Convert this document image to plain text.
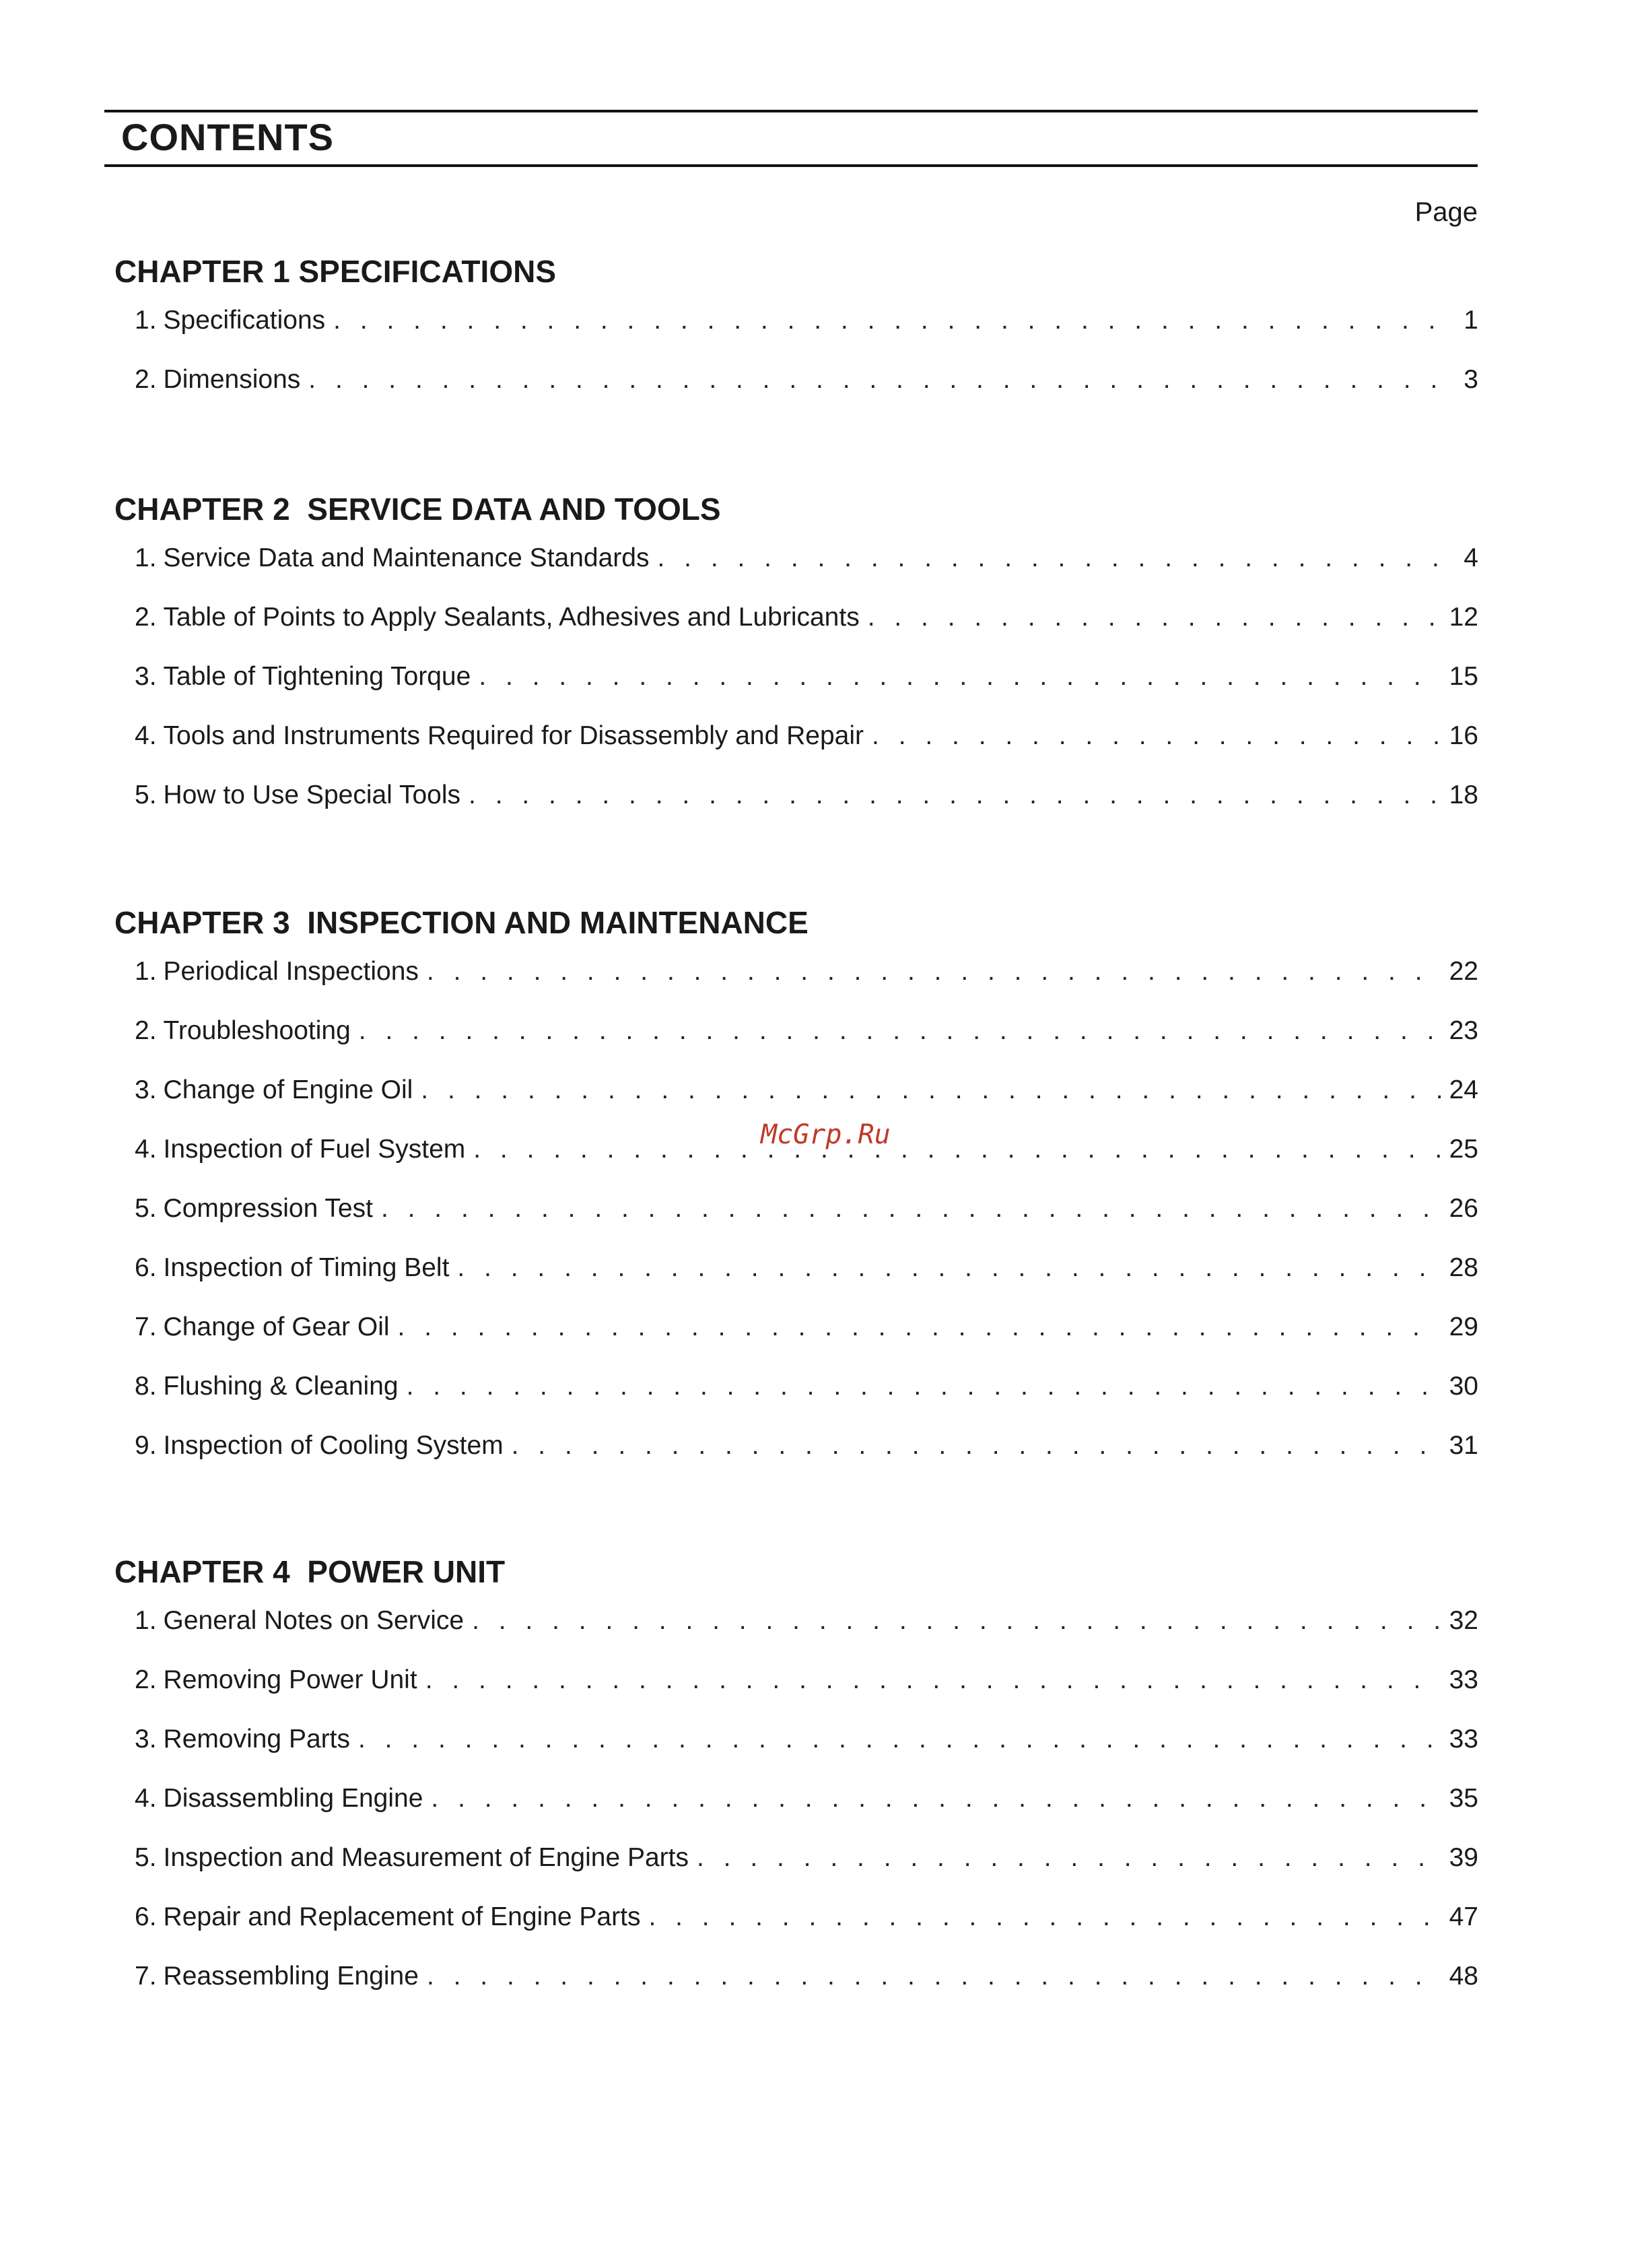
CONTENTS
Page
CHAPTER 1 SPECIFICATIONS
1. Specifications . . .	1
2. Dimensions . . .	3
CHAPTER 2  SERVICE DATA AND TOOLS
1. Service Data and Maintenance Standards . . .	4
2. Table of Points to Apply Sealants, Adhesives and Lubricants . . .	12
3. Table of Tightening Torque . . .	15
4. Tools and Instruments Required for Disassembly and Repair . . .	16
5. How to Use Special Tools . . .	18
CHAPTER 3  INSPECTION AND MAINTENANCE
1. Periodical Inspections . . .	22
2. Troubleshooting . . .	23
3. Change of Engine Oil . . .	24
4. Inspection of Fuel System . . .	25
5. Compression Test . . .	26
6. Inspection of Timing Belt . . .	28
7. Change of Gear Oil . . .	29
8. Flushing & Cleaning . . .	30
9. Inspection of Cooling System . . .	31
CHAPTER 4  POWER UNIT
1. General Notes on Service . . .	32
2. Removing Power Unit . . .	33
3. Removing Parts . . .	33
4. Disassembling Engine . . .	35
5. Inspection and Measurement of Engine Parts . . .	39
6. Repair and Replacement of Engine Parts . . .	47
7. Reassembling Engine . . .	48
McGrp.Ru
